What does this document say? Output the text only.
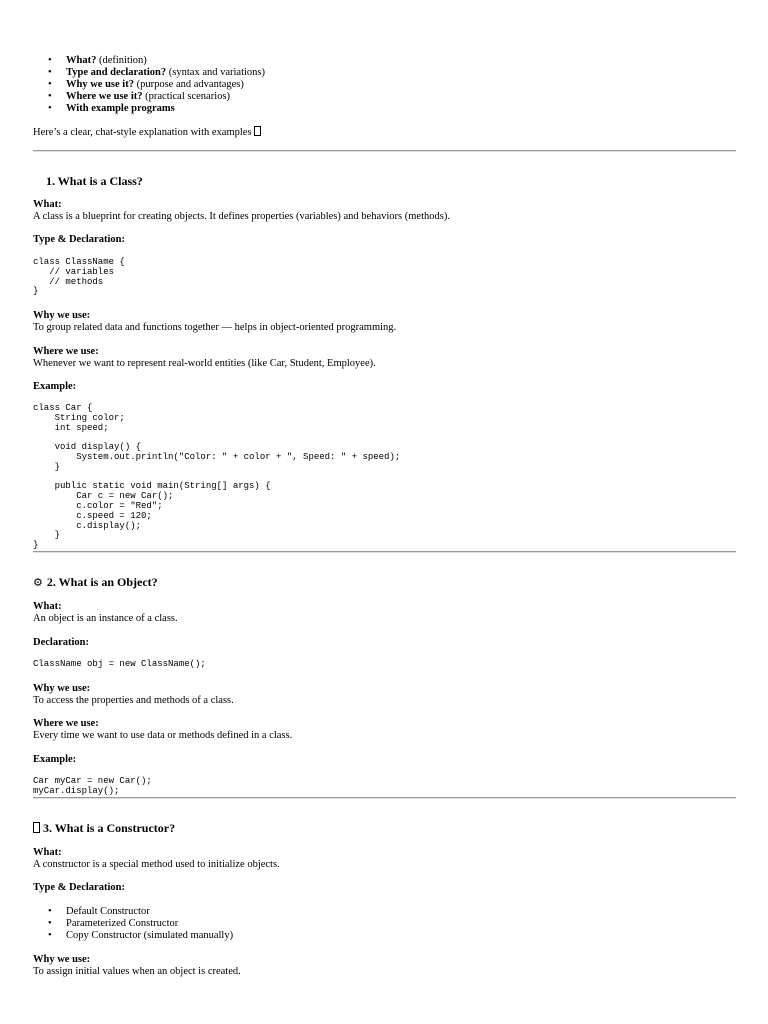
• What? (definition)
• Type and declaration? (syntax and variations)
• Why we use it? (purpose and advantages)
• Where we use it? (practical scenarios)
• With example programs
Here’s a clear, chat-style explanation with examples
1. What is a Class?
What:
A class is a blueprint for creating objects. It defines properties (variables) and behaviors (methods).
Type & Declaration:
class ClassName {
// variables
// methods
}
Why we use:
To group related data and functions together — helps in object-oriented programming.
Where we use:
Whenever we want to represent real-world entities (like Car, Student, Employee).
Example:
class Car {
String color;
int speed;

void display() {
System.out.println("Color: " + color + ", Speed: " + speed);
}

public static void main(String[] args) {
Car c = new Car();
c.color = "Red";
c.speed = 120;
c.display();
}
}
⚙ 2. What is an Object?
What:
An object is an instance of a class.
Declaration:
ClassName obj = new ClassName();
Why we use:
To access the properties and methods of a class.
Where we use:
Every time we want to use data or methods defined in a class.
Example:
Car myCar = new Car();
myCar.display();
3. What is a Constructor?
What:
A constructor is a special method used to initialize objects.
Type & Declaration:
• Default Constructor
• Parameterized Constructor
• Copy Constructor (simulated manually)
Why we use:
To assign initial values when an object is created.
